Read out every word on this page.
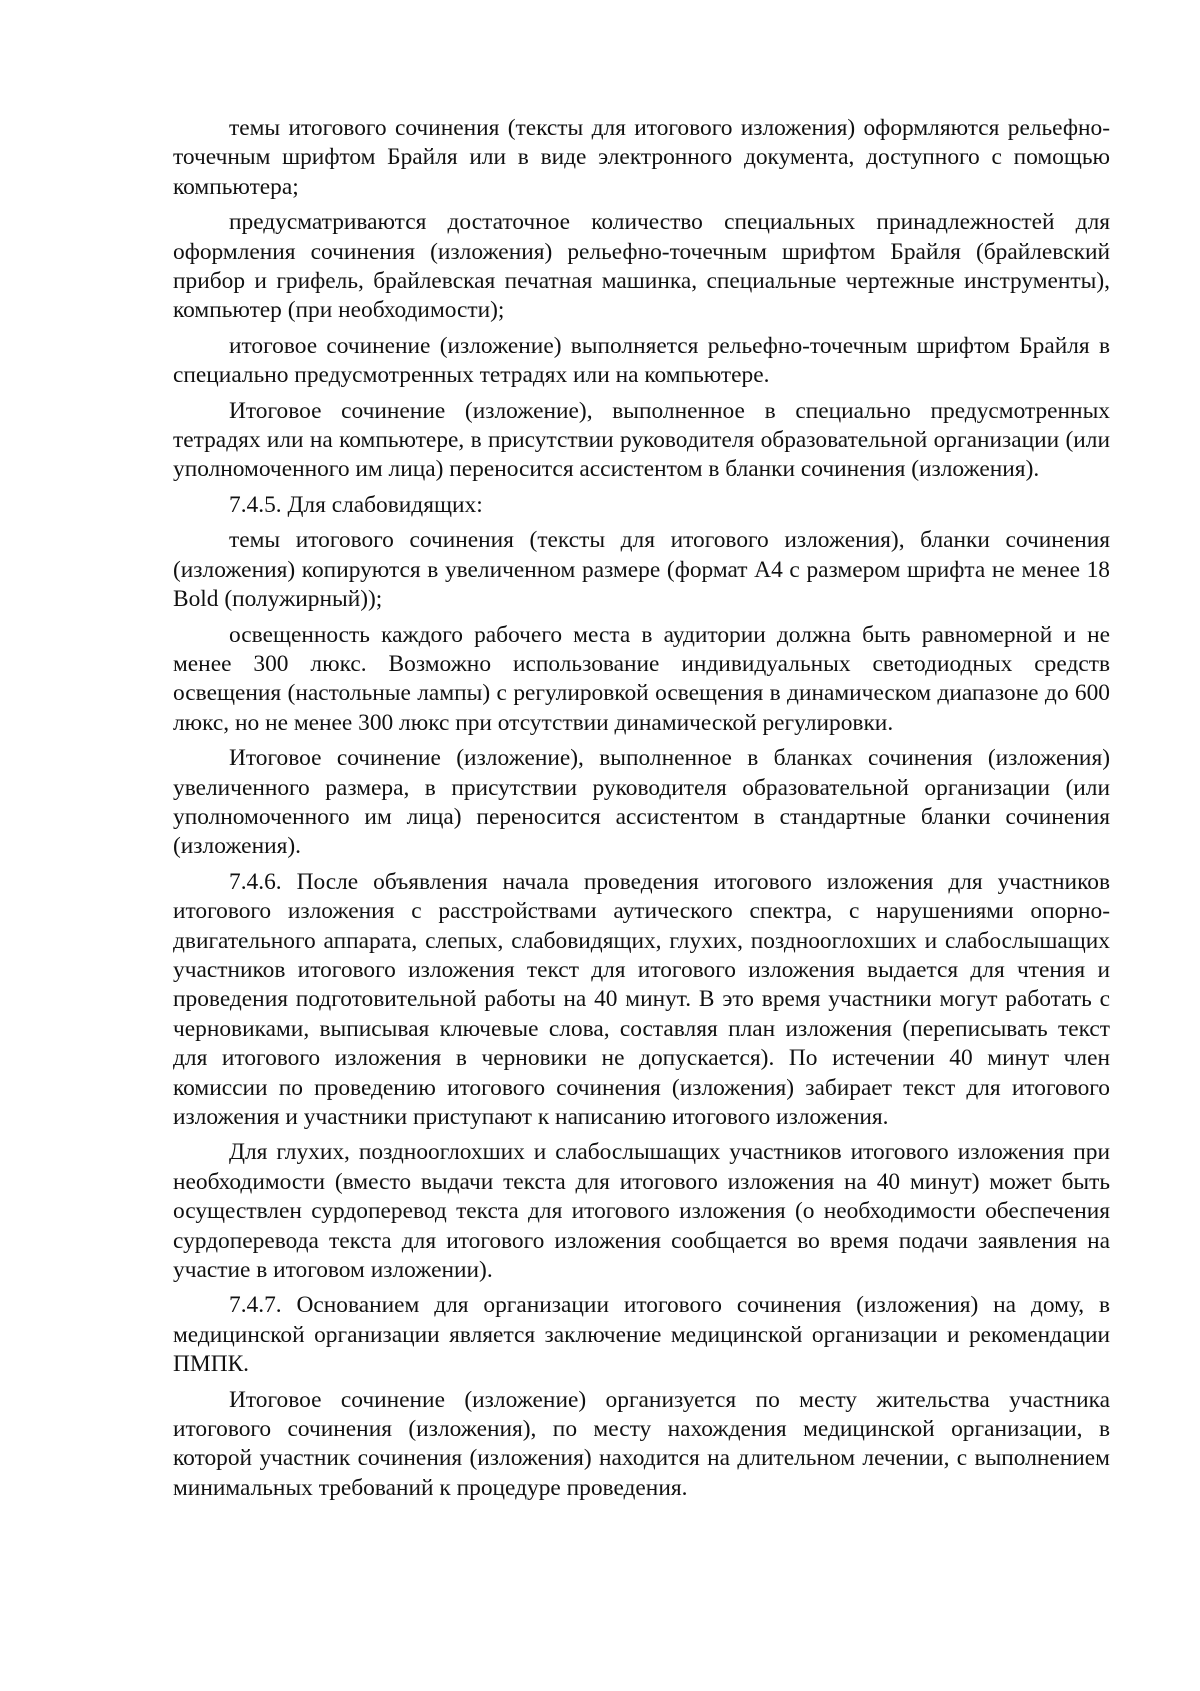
темы итогового сочинения (тексты для итогового изложения) оформляются рельефно-точечным шрифтом Брайля или в виде электронного документа, доступного с помощью компьютера;

предусматриваются достаточное количество специальных принадлежностей для оформления сочинения (изложения) рельефно-точечным шрифтом Брайля (брайлевский прибор и грифель, брайлевская печатная машинка, специальные чертежные инструменты), компьютер (при необходимости);

итоговое сочинение (изложение) выполняется рельефно-точечным шрифтом Брайля в специально предусмотренных тетрадях или на компьютере.

Итоговое сочинение (изложение), выполненное в специально предусмотренных тетрадях или на компьютере, в присутствии руководителя образовательной организации (или уполномоченного им лица) переносится ассистентом в бланки сочинения (изложения).

7.4.5. Для слабовидящих:

темы итогового сочинения (тексты для итогового изложения), бланки сочинения (изложения) копируются в увеличенном размере (формат А4 с размером шрифта не менее 18 Bold (полужирный));

освещенность каждого рабочего места в аудитории должна быть равномерной и не менее 300 люкс. Возможно использование индивидуальных светодиодных средств освещения (настольные лампы) с регулировкой освещения в динамическом диапазоне до 600 люкс, но не менее 300 люкс при отсутствии динамической регулировки.

Итоговое сочинение (изложение), выполненное в бланках сочинения (изложения) увеличенного размера, в присутствии руководителя образовательной организации (или уполномоченного им лица) переносится ассистентом в стандартные бланки сочинения (изложения).

7.4.6. После объявления начала проведения итогового изложения для участников итогового изложения с расстройствами аутического спектра, с нарушениями опорно-двигательного аппарата, слепых, слабовидящих, глухих, позднооглохших и слабослышащих участников итогового изложения текст для итогового изложения выдается для чтения и проведения подготовительной работы на 40 минут. В это время участники могут работать с черновиками, выписывая ключевые слова, составляя план изложения (переписывать текст для итогового изложения в черновики не допускается). По истечении 40 минут член комиссии по проведению итогового сочинения (изложения) забирает текст для итогового изложения и участники приступают к написанию итогового изложения.

Для глухих, позднооглохших и слабослышащих участников итогового изложения при необходимости (вместо выдачи текста для итогового изложения на 40 минут) может быть осуществлен сурдоперевод текста для итогового изложения (о необходимости обеспечения сурдоперевода текста для итогового изложения сообщается во время подачи заявления на участие в итоговом изложении).

7.4.7. Основанием для организации итогового сочинения (изложения) на дому, в медицинской организации является заключение медицинской организации и рекомендации ПМПК.

Итоговое сочинение (изложение) организуется по месту жительства участника итогового сочинения (изложения), по месту нахождения медицинской организации, в которой участник сочинения (изложения) находится на длительном лечении, с выполнением минимальных требований к процедуре проведения.
